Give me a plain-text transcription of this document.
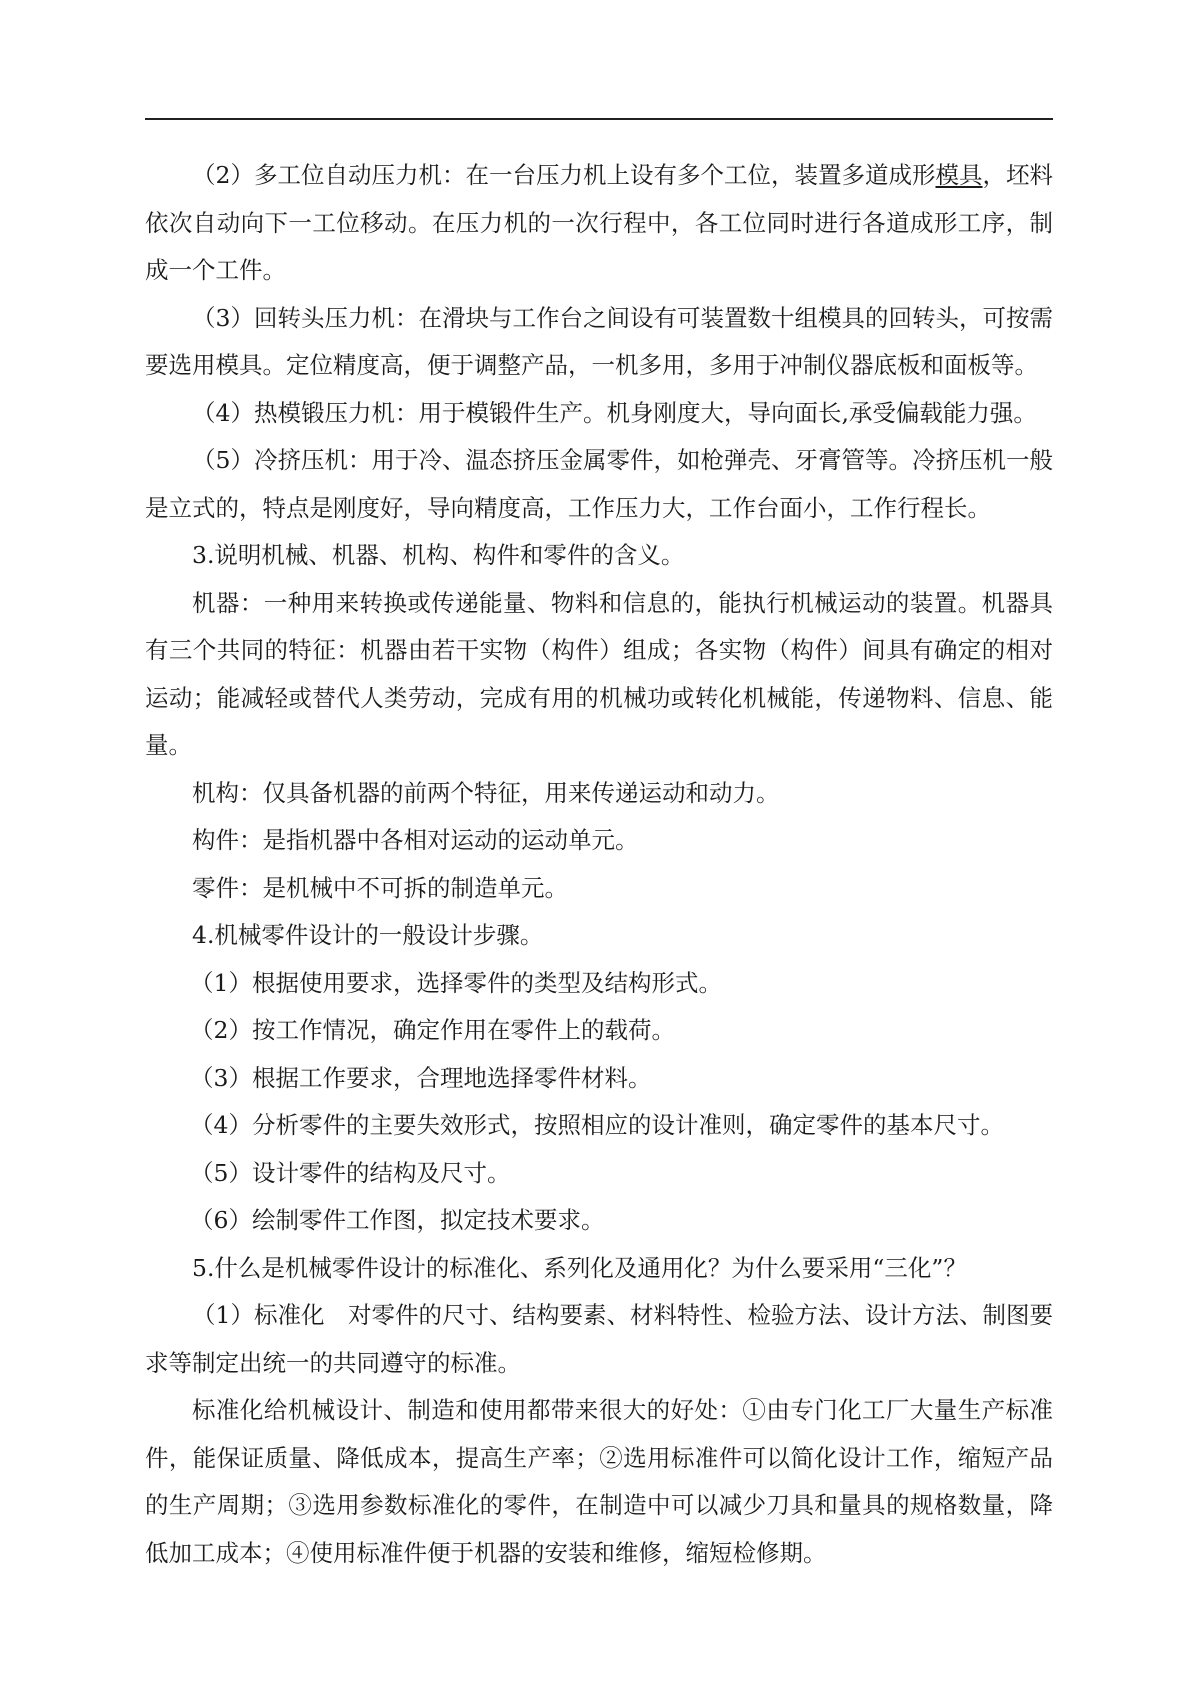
（2）多工位自动压力机：在一台压力机上设有多个工位，装置多道成形模具，坯料依次自动向下一工位移动。在压力机的一次行程中，各工位同时进行各道成形工序，制成一个工件。

（3）回转头压力机：在滑块与工作台之间设有可装置数十组模具的回转头，可按需要选用模具。定位精度高，便于调整产品，一机多用，多用于冲制仪器底板和面板等。

（4）热模锻压力机：用于模锻件生产。机身刚度大，导向面长,承受偏载能力强。

（5）冷挤压机：用于冷、温态挤压金属零件，如枪弹壳、牙膏管等。冷挤压机一般是立式的，特点是刚度好，导向精度高，工作压力大，工作台面小，工作行程长。

3.说明机械、机器、机构、构件和零件的含义。

机器：一种用来转换或传递能量、物料和信息的，能执行机械运动的装置。机器具有三个共同的特征：机器由若干实物（构件）组成；各实物（构件）间具有确定的相对运动；能减轻或替代人类劳动，完成有用的机械功或转化机械能，传递物料、信息、能量。

机构：仅具备机器的前两个特征，用来传递运动和动力。

构件：是指机器中各相对运动的运动单元。

零件：是机械中不可拆的制造单元。

4.机械零件设计的一般设计步骤。

（1）根据使用要求，选择零件的类型及结构形式。

（2）按工作情况，确定作用在零件上的载荷。

（3）根据工作要求，合理地选择零件材料。

（4）分析零件的主要失效形式，按照相应的设计准则，确定零件的基本尺寸。

（5）设计零件的结构及尺寸。

（6）绘制零件工作图，拟定技术要求。

5.什么是机械零件设计的标准化、系列化及通用化？为什么要采用“三化”？

（1）标准化　对零件的尺寸、结构要素、材料特性、检验方法、设计方法、制图要求等制定出统一的共同遵守的标准。

标准化给机械设计、制造和使用都带来很大的好处：①由专门化工厂大量生产标准件，能保证质量、降低成本，提高生产率；②选用标准件可以简化设计工作，缩短产品的生产周期；③选用参数标准化的零件，在制造中可以减少刀具和量具的规格数量，降低加工成本；④使用标准件便于机器的安装和维修，缩短检修期。
